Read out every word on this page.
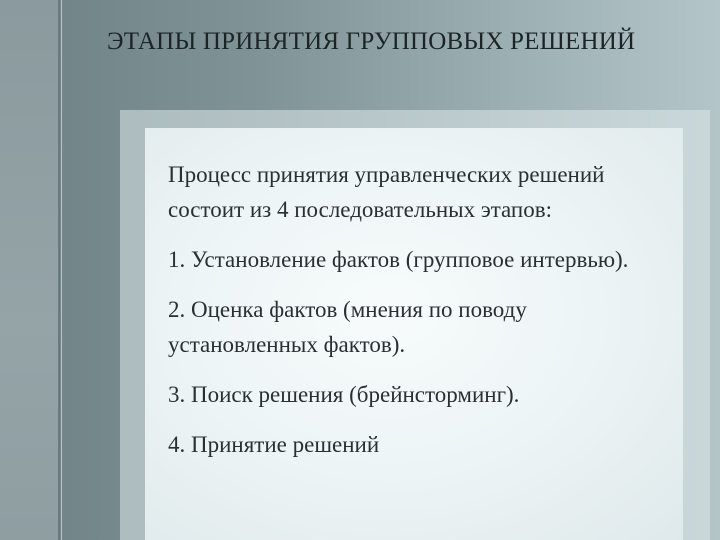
ЭТАПЫ ПРИНЯТИЯ ГРУППОВЫХ РЕШЕНИЙ

Процесс принятия управленческих решений состоит из 4 последовательных этапов:

1. Установление фактов (групповое интервью).

2. Оценка фактов (мнения по поводу установленных фактов).

3. Поиск решения (брейнсторминг).

4. Принятие решений
